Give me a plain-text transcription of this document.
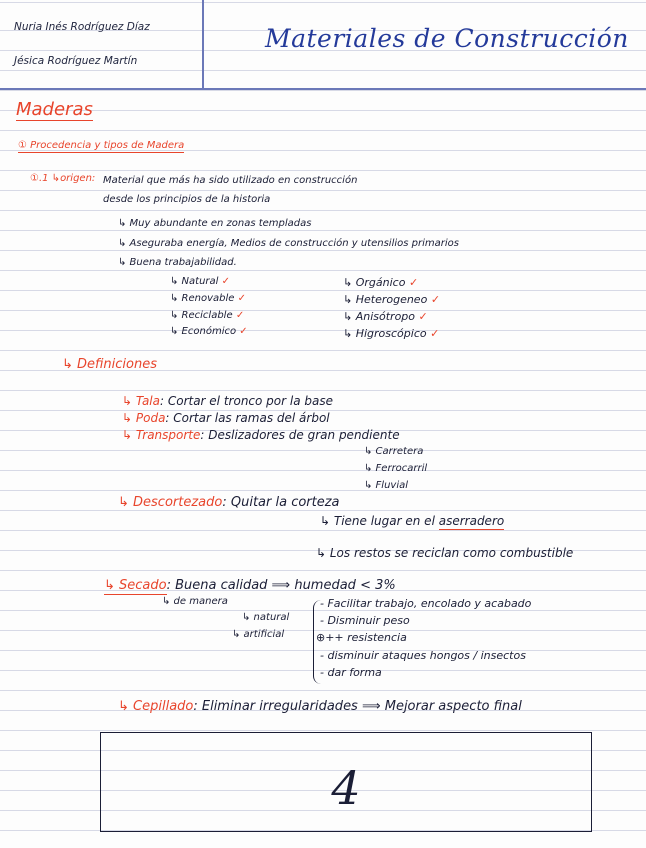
Nuria Inés Rodríguez Díaz
Jésica Rodríguez Martín
Materiales de Construcción
Maderas
① Procedencia y tipos de Madera
①.1 ↳origen: Material que más ha sido utilizado en construcción
desde los principios de la historia
↳ Muy abundante en zonas templadas
↳ Aseguraba energía, Medios de construcción y utensilios primarios
↳ Buena trabajabilidad.
↳ Natural ✓
↳ Renovable ✓
↳ Reciclable ✓
↳ Económico ✓
↳ Orgánico ✓
↳ Heterogeneo ✓
↳ Anisótropo ✓
↳ Higroscópico ✓
↳ Definiciones
↳ Tala: Cortar el tronco por la base
↳ Poda: Cortar las ramas del árbol
↳ Transporte: Deslizadores de gran pendiente
↳ Carretera
↳ Ferrocarril
↳ Fluvial
↳ Descortezado: Quitar la corteza
↳ Tiene lugar en el aserradero
↳ Los restos se reciclan como combustible
↳ Secado: Buena calidad ⟹ humedad < 3%
↳ de manera
↳ natural
↳ artificial
- Facilitar trabajo, encolado y acabado
- Disminuir peso
⊕++ resistencia
- disminuir ataques hongos / insectos
- dar forma
↳ Cepillado: Eliminar irregularidades ⟹ Mejorar aspecto final
4
